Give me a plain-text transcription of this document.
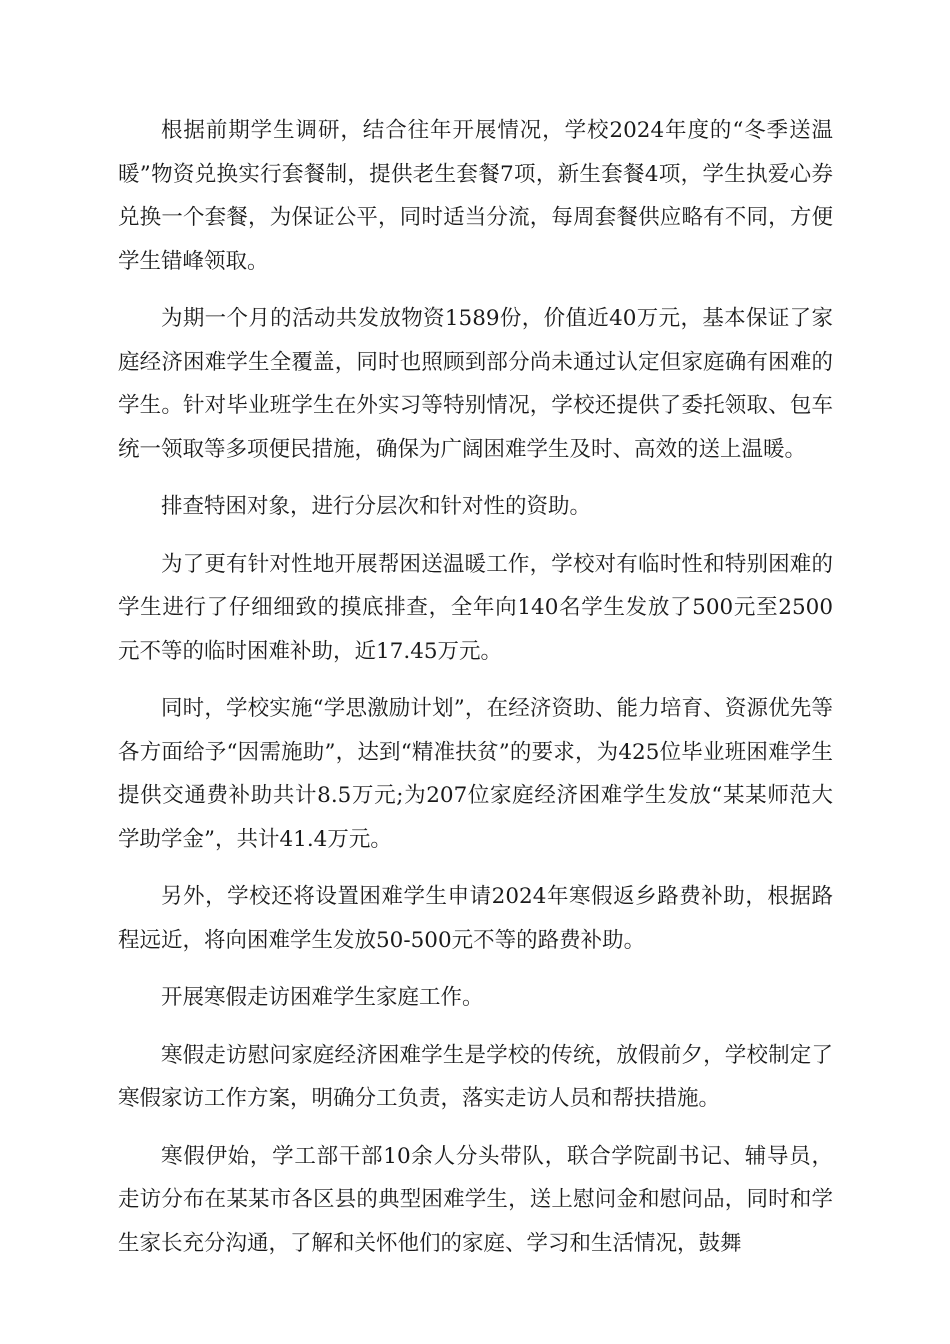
根据前期学生调研，结合往年开展情况，学校2024年度的“冬季送温暖”物资兑换实行套餐制，提供老生套餐7项，新生套餐4项，学生执爱心券兑换一个套餐，为保证公平，同时适当分流，每周套餐供应略有不同，方便学生错峰领取。

为期一个月的活动共发放物资1589份，价值近40万元，基本保证了家庭经济困难学生全覆盖，同时也照顾到部分尚未通过认定但家庭确有困难的学生。针对毕业班学生在外实习等特别情况，学校还提供了委托领取、包车统一领取等多项便民措施，确保为广阔困难学生及时、高效的送上温暖。

排查特困对象，进行分层次和针对性的资助。

为了更有针对性地开展帮困送温暖工作，学校对有临时性和特别困难的学生进行了仔细细致的摸底排查，全年向140名学生发放了500元至2500元不等的临时困难补助，近17.45万元。

同时，学校实施“学思激励计划”，在经济资助、能力培育、资源优先等各方面给予“因需施助”，达到“精准扶贫”的要求，为425位毕业班困难学生提供交通费补助共计8.5万元;为207位家庭经济困难学生发放“某某师范大学助学金”，共计41.4万元。

另外，学校还将设置困难学生申请2024年寒假返乡路费补助，根据路程远近，将向困难学生发放50-500元不等的路费补助。

开展寒假走访困难学生家庭工作。

寒假走访慰问家庭经济困难学生是学校的传统，放假前夕，学校制定了寒假家访工作方案，明确分工负责，落实走访人员和帮扶措施。

寒假伊始，学工部干部10余人分头带队，联合学院副书记、辅导员，走访分布在某某市各区县的典型困难学生，送上慰问金和慰问品，同时和学生家长充分沟通，了解和关怀他们的家庭、学习和生活情况，鼓舞
